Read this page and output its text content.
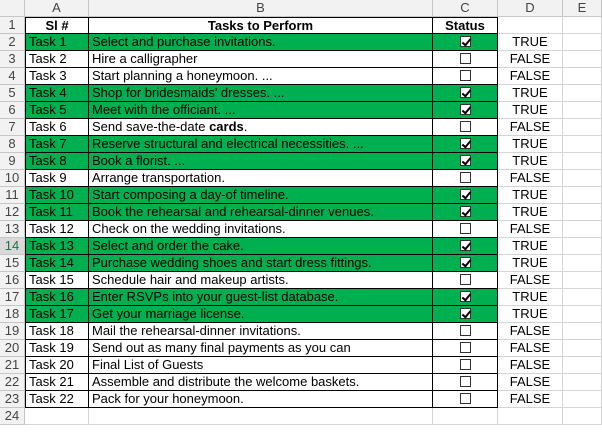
A	B	C	D	E
1	Sl #	Tasks to Perform	Status
2	Task 1	Select and purchase invitations.	TRUE
3	Task 2	Hire a calligrapher	FALSE
4	Task 3	Start planning a honeymoon. ...	FALSE
5	Task 4	Shop for bridesmaids' dresses. ...	TRUE
6	Task 5	Meet with the officiant. ...	TRUE
7	Task 6	Send save-the-date cards.	FALSE
8	Task 7	Reserve structural and electrical necessities. ...	TRUE
9	Task 8	Book a florist. ...	TRUE
10 Task 9	Arrange transportation.	FALSE
11 Task 10	Start composing a day-of timeline.	TRUE
12 Task 11	Book the rehearsal and rehearsal-dinner venues.	TRUE
13 Task 12	Check on the wedding invitations.	FALSE
14 Task 13	Select and order the cake.	TRUE
15 Task 14	Purchase wedding shoes and start dress fittings.	TRUE
16 Task 15	Schedule hair and makeup artists.	FALSE
17 Task 16	Enter RSVPs into your guest-list database.	TRUE
18 Task 17	Get your marriage license.	TRUE
19 Task 18	Mail the rehearsal-dinner invitations.	FALSE
20 Task 19	Send out as many final payments as you can	FALSE
21 Task 20	Final List of Guests	FALSE
22 Task 21	Assemble and distribute the welcome baskets.	FALSE
23 Task 22	Pack for your honeymoon.	FALSE
24
